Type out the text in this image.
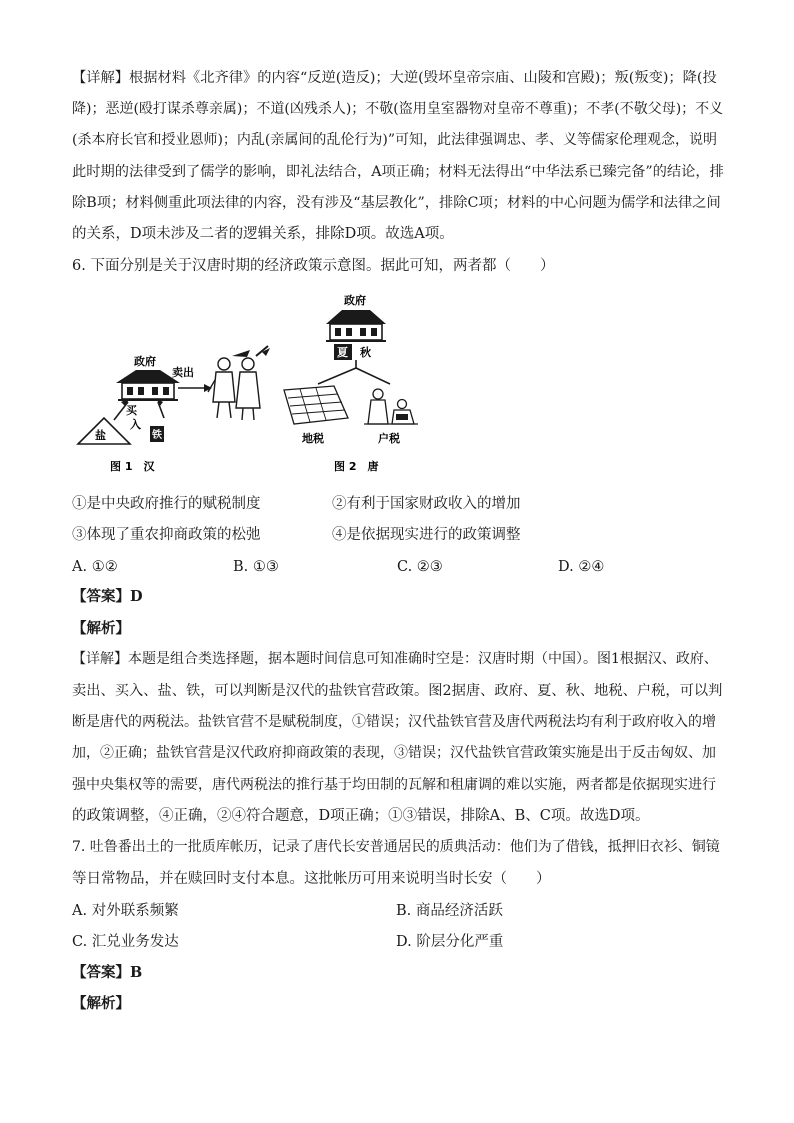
【详解】根据材料《北齐律》的内容“反逆(造反)；大逆(毁坏皇帝宗庙、山陵和宫殿)；叛(叛变)；降(投

降)；恶逆(殴打谋杀尊亲属)；不道(凶残杀人)；不敬(盗用皇室器物对皇帝不尊重)；不孝(不敬父母)；不义

(杀本府长官和授业恩师)；内乱(亲属间的乱伦行为)”可知，此法律强调忠、孝、义等儒家伦理观念，说明

此时期的法律受到了儒学的影响，即礼法结合，A项正确；材料无法得出“中华法系已臻完备”的结论，排

除B项；材料侧重此项法律的内容，没有涉及“基层教化”，排除C项；材料的中心问题为儒学和法律之间

的关系，D项未涉及二者的逻辑关系，排除D项。故选A项。

6. 下面分别是关于汉唐时期的经济政策示意图。据此可知，两者都（　　）

政府
卖出
买
入
盐	铁
图 1　汉
政府
夏 秋
地税	户税
图 2　唐

①是中央政府推行的赋税制度	②有利于国家财政收入的增加

③体现了重农抑商政策的松弛	④是依据现实进行的政策调整

A. ①②	B. ①③	C. ②③	D. ②④

【答案】D

【解析】

【详解】本题是组合类选择题，据本题时间信息可知准确时空是：汉唐时期（中国）。图1根据汉、政府、

卖出、买入、盐、铁，可以判断是汉代的盐铁官营政策。图2据唐、政府、夏、秋、地税、户税，可以判

断是唐代的两税法。盐铁官营不是赋税制度，①错误；汉代盐铁官营及唐代两税法均有利于政府收入的增

加，②正确；盐铁官营是汉代政府抑商政策的表现，③错误；汉代盐铁官营政策实施是出于反击匈奴、加

强中央集权等的需要，唐代两税法的推行基于均田制的瓦解和租庸调的难以实施，两者都是依据现实进行

的政策调整，④正确，②④符合题意，D项正确；①③错误，排除A、B、C项。故选D项。

7. 吐鲁番出土的一批质库帐历，记录了唐代长安普通居民的质典活动：他们为了借钱，抵押旧衣衫、铜镜

等日常物品，并在赎回时支付本息。这批帐历可用来说明当时长安（　　）

A. 对外联系频繁	B. 商品经济活跃

C. 汇兑业务发达	D. 阶层分化严重

【答案】B

【解析】
